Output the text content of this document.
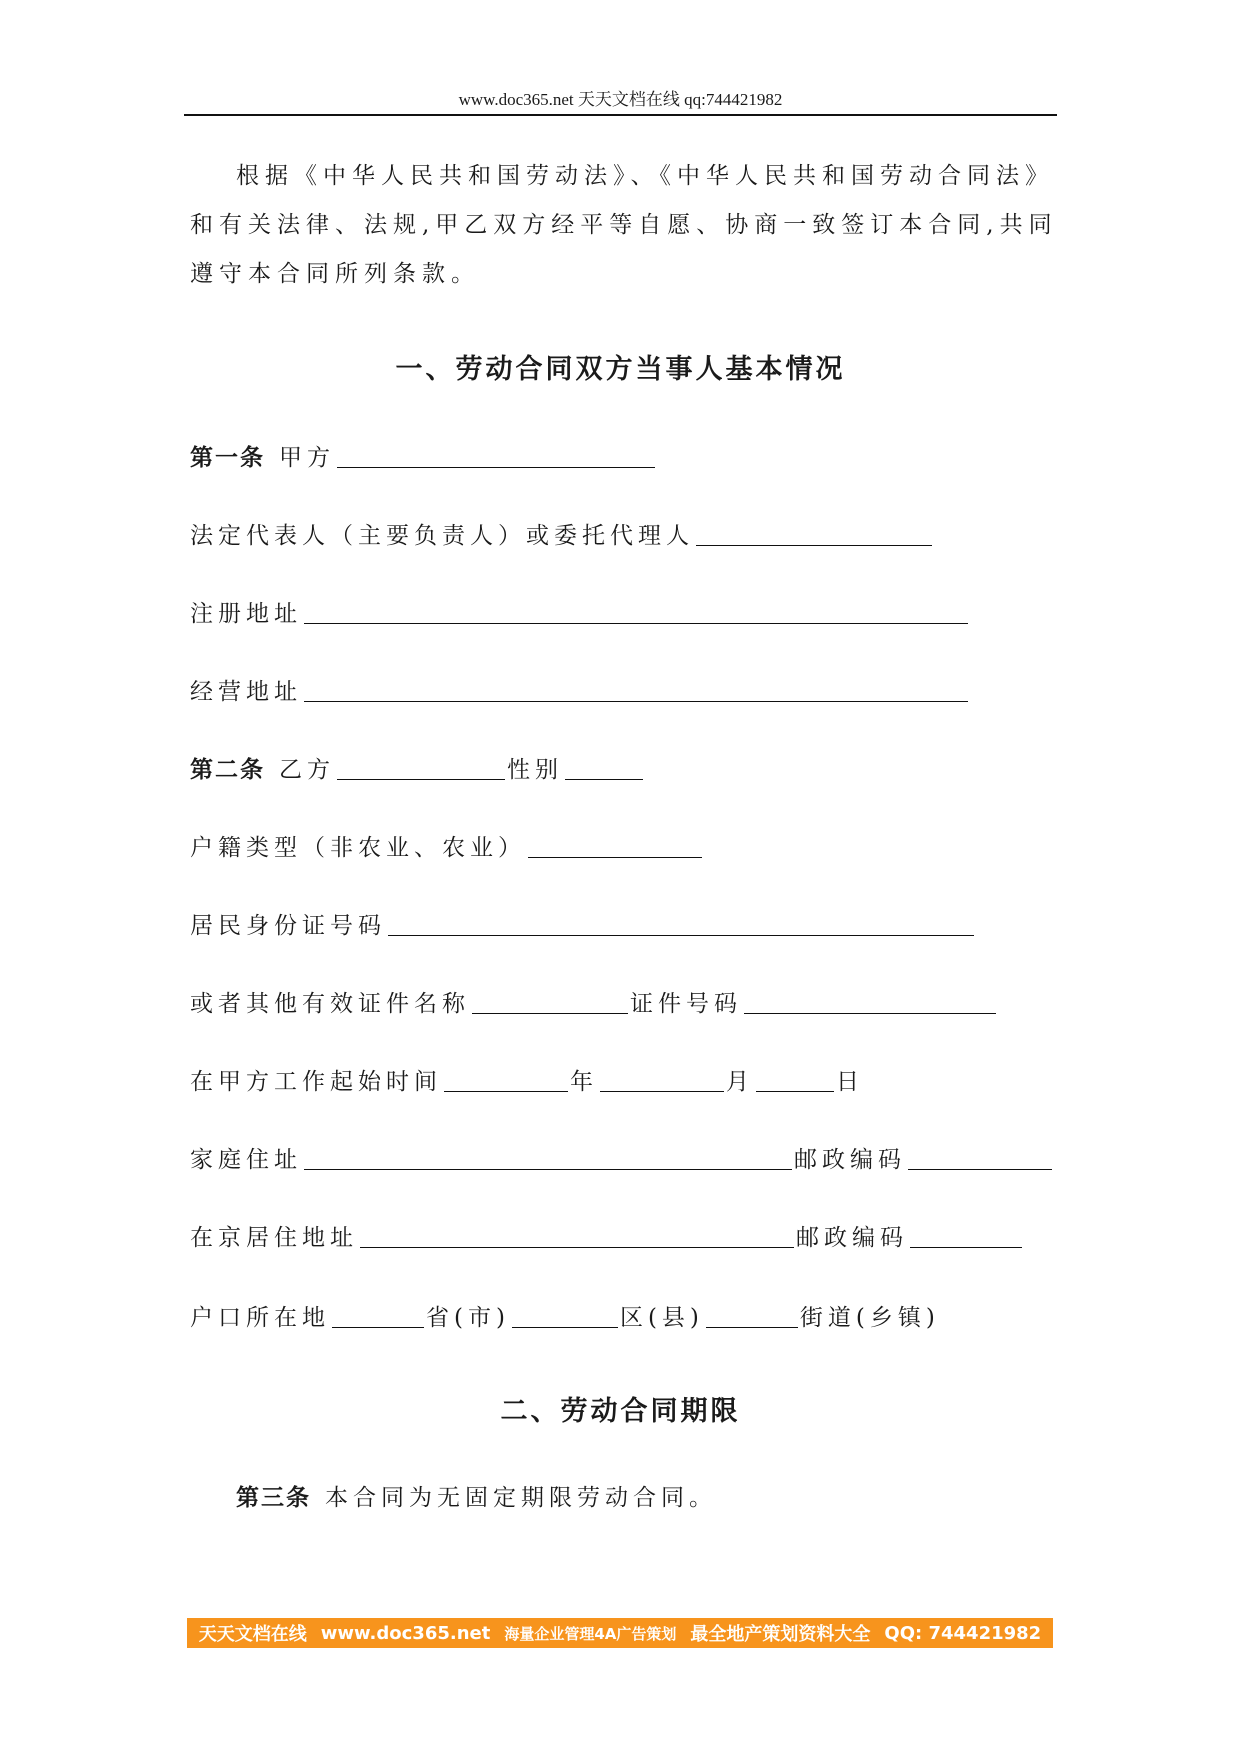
www.doc365.net 天天文档在线 qq:744421982
根据《中华人民共和国劳动法》、《中华人民共和国劳动合同法》
和有关法律、法规,甲乙双方经平等自愿、协商一致签订本合同,共同
遵守本合同所列条款。
一、劳动合同双方当事人基本情况
第一条 甲方
法定代表人（主要负责人）或委托代理人
注册地址
经营地址
第二条 乙方	性别
户籍类型（非农业、农业）
居民身份证号码
或者其他有效证件名称	证件号码
在甲方工作起始时间	年	月	日
家庭住址	邮政编码
在京居住地址	邮政编码
户口所在地	省(市)	区(县)	街道(乡镇)
二、劳动合同期限
第三条 本合同为无固定期限劳动合同。
天天文档在线 www.doc365.net 海量企业管理4A广告策划 最全地产策划资料大全 QQ: 744421982
